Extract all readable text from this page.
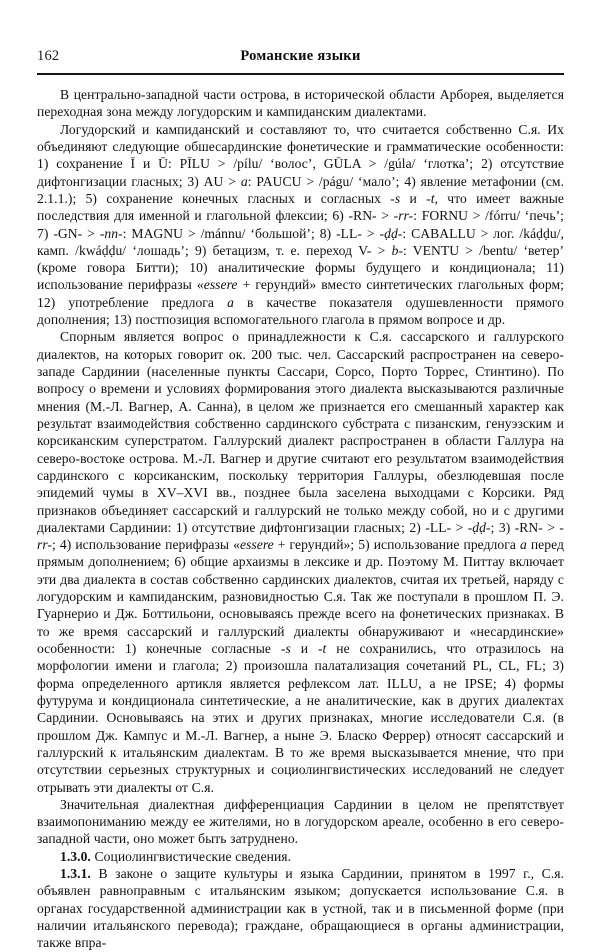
162	Романские языки

В центрально-западной части острова, в исторической области Арборея, выделяется переходная зона между логудорским и кампиданским диалектами.

Логудорский и кампиданский и составляют то, что считается собственно С.я. Их объединяют следующие обшесардинские фонетические и грамматические особенности: 1) сохранение Ī и Ū: PĪLU > /pílu/ ‘волос’, GŪLA > /gúla/ ‘глотка’; 2) отсутствие дифтонгизации гласных; 3) AU > a: PAUCU > /págu/ ‘мало’; 4) явление метафонии (см. 2.1.1.); 5) сохранение конечных гласных и согласных -s и -t, что имеет важные последствия для именной и глагольной флексии; 6) -RN- > -rr-: FORNU > /fórru/ ‘печь’; 7) -GN- > -nn-: MAGNU > /mánnu/ ‘большой’; 8) -LL- > -ḍḍ-: CABALLU > лог. /káḍḍu/, камп. /kwáḍḍu/ ‘лошадь’; 9) бетацизм, т. е. переход V- > b-: VENTU > /bentu/ ‘ветер’ (кроме говора Битти); 10) аналитические формы будущего и кондиционала; 11) использование перифразы «essere + герундий» вместо синтетических глагольных форм; 12) употребление предлога a в качестве показателя одушевленности прямого дополнения; 13) постпозиция вспомогательного глагола в прямом вопросе и др.

Спорным является вопрос о принадлежности к С.я. сассарского и галлурского диалектов, на которых говорит ок. 200 тыс. чел. Сассарский распространен на северо-западе Сардинии (населенные пункты Сассари, Сорсо, Порто Торрес, Стинтино). По вопросу о времени и условиях формирования этого диалекта высказываются различные мнения (М.-Л. Вагнер, А. Санна), в целом же признается его смешанный характер как результат взаимодействия собственно сардинского субстрата с пизанским, генуэзским и корсиканским суперстратом. Галлурский диалект распространен в области Галлура на северо-востоке острова. М.-Л. Вагнер и другие считают его результатом взаимодействия сардинского с корсиканским, поскольку территория Галлуры, обезлюдевшая после эпидемий чумы в XV–XVI вв., позднее была заселена выходцами с Корсики. Ряд признаков объединяет сассарский и галлурский не только между собой, но и с другими диалектами Сардинии: 1) отсутствие дифтонгизации гласных; 2) -LL- > -ḍḍ-; 3) -RN- > -rr-; 4) использование перифразы «essere + герундий»; 5) использование предлога a перед прямым дополнением; 6) общие архаизмы в лексике и др. Поэтому М. Питтау включает эти два диалекта в состав собственно сардинских диалектов, считая их третьей, наряду с логудорским и кампиданским, разновидностью С.я. Так же поступали в прошлом П. Э. Гуарнерио и Дж. Боттильони, основываясь прежде всего на фонетических признаках. В то же время сассарский и галлурский диалекты обнаруживают и «несардинские» особенности: 1) конечные согласные -s и -t не сохранились, что отразилось на морфологии имени и глагола; 2) произошла палатализация сочетаний PL, CL, FL; 3) форма определенного артикля является рефлексом лат. ILLU, а не IPSE; 4) формы футурума и кондиционала синтетические, а не аналитические, как в других диалектах Сардинии. Основываясь на этих и других признаках, многие исследователи С.я. (в прошлом Дж. Кампус и М.-Л. Вагнер, а ныне Э. Бласко Феррер) относят сассарский и галлурский к итальянским диалектам. В то же время высказывается мнение, что при отсутствии серьезных структурных и социолингвистических исследований не следует отрывать эти диалекты от С.я.

Значительная диалектная дифференциация Сардинии в целом не препятствует взаимопониманию между ее жителями, но в логудорском ареале, особенно в его северо-западной части, оно может быть затруднено.

1.3.0. Социолингвистические сведения.

1.3.1. В законе о защите культуры и языка Сардинии, принятом в 1997 г., С.я. объявлен равноправным с итальянским языком; допускается использование С.я. в органах государственной администрации как в устной, так и в письменной форме (при наличии итальянского перевода); граждане, обращающиеся в органы администрации, также впра-
